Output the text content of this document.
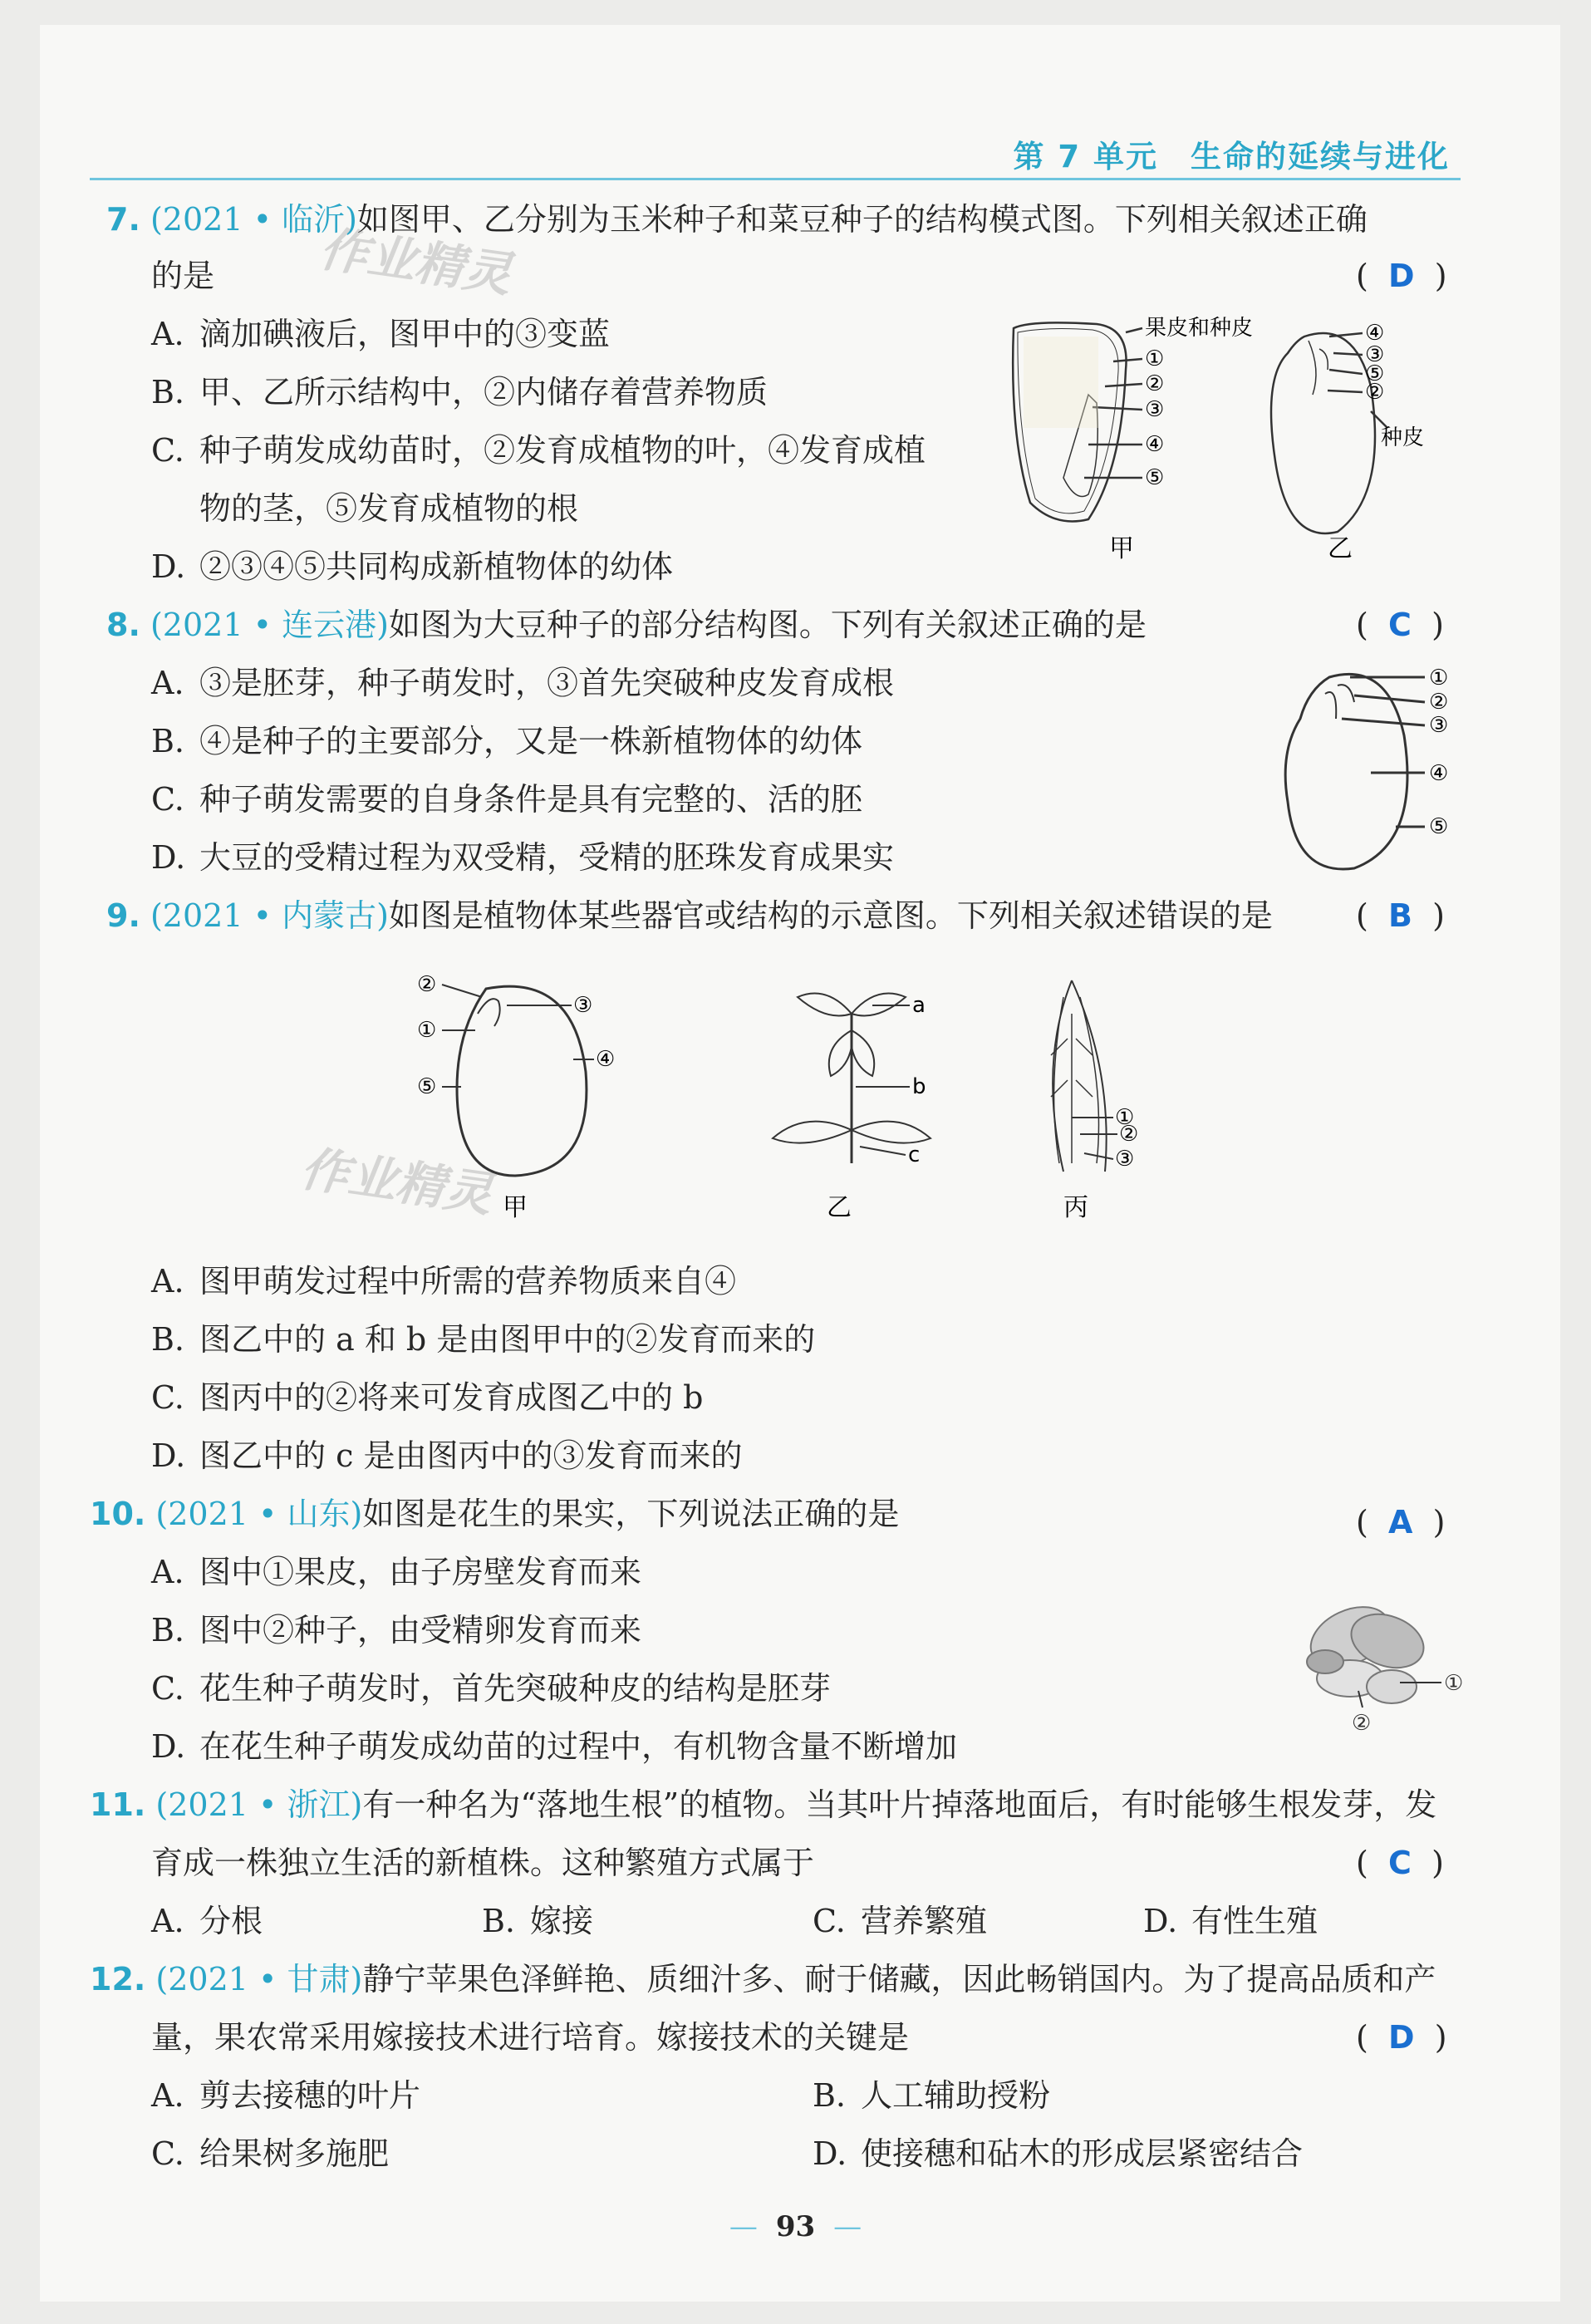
第 7 单元　生命的延续与进化
作业精灵
作业精灵
7. (2021 • 临沂)如图甲、乙分别为玉米种子和菜豆种子的结构模式图。下列相关叙述正确
的是	( D )
A. 滴加碘液后，图甲中的③变蓝
B. 甲、乙所示结构中，②内储存着营养物质
C. 种子萌发成幼苗时，②发育成植物的叶，④发育成植
物的茎，⑤发育成植物的根
D. ②③④⑤共同构成新植物体的幼体
果皮和种皮
①
②
③
④
⑤
④
③
⑤
②
种皮
甲	乙
8. (2021 • 连云港)如图为大豆种子的部分结构图。下列有关叙述正确的是	( C )
A. ③是胚芽，种子萌发时，③首先突破种皮发育成根
B. ④是种子的主要部分，又是一株新植物体的幼体
C. 种子萌发需要的自身条件是具有完整的、活的胚
D. 大豆的受精过程为双受精，受精的胚珠发育成果实
①
②
③
④
⑤
9. (2021 • 内蒙古)如图是植物体某些器官或结构的示意图。下列相关叙述错误的是	( B )
②
③
①
④
⑤
a
b
c
①
②
③
甲	乙	丙
A. 图甲萌发过程中所需的营养物质来自④
B. 图乙中的 a 和 b 是由图甲中的②发育而来的
C. 图丙中的②将来可发育成图乙中的 b
D. 图乙中的 c 是由图丙中的③发育而来的
10. (2021 • 山东)如图是花生的果实，下列说法正确的是	( A )
A. 图中①果皮，由子房壁发育而来
B. 图中②种子，由受精卵发育而来
C. 花生种子萌发时，首先突破种皮的结构是胚芽
D. 在花生种子萌发成幼苗的过程中，有机物含量不断增加
①
②
11. (2021 • 浙江)有一种名为“落地生根”的植物。当其叶片掉落地面后，有时能够生根发芽，发
育成一株独立生活的新植株。这种繁殖方式属于	( C )
A. 分根	B. 嫁接	C. 营养繁殖	D. 有性生殖
12. (2021 • 甘肃)静宁苹果色泽鲜艳、质细汁多、耐于储藏，因此畅销国内。为了提高品质和产
量，果农常采用嫁接技术进行培育。嫁接技术的关键是	( D )
A. 剪去接穗的叶片	B. 人工辅助授粉
C. 给果树多施肥	D. 使接穗和砧木的形成层紧密结合
— 93 —
